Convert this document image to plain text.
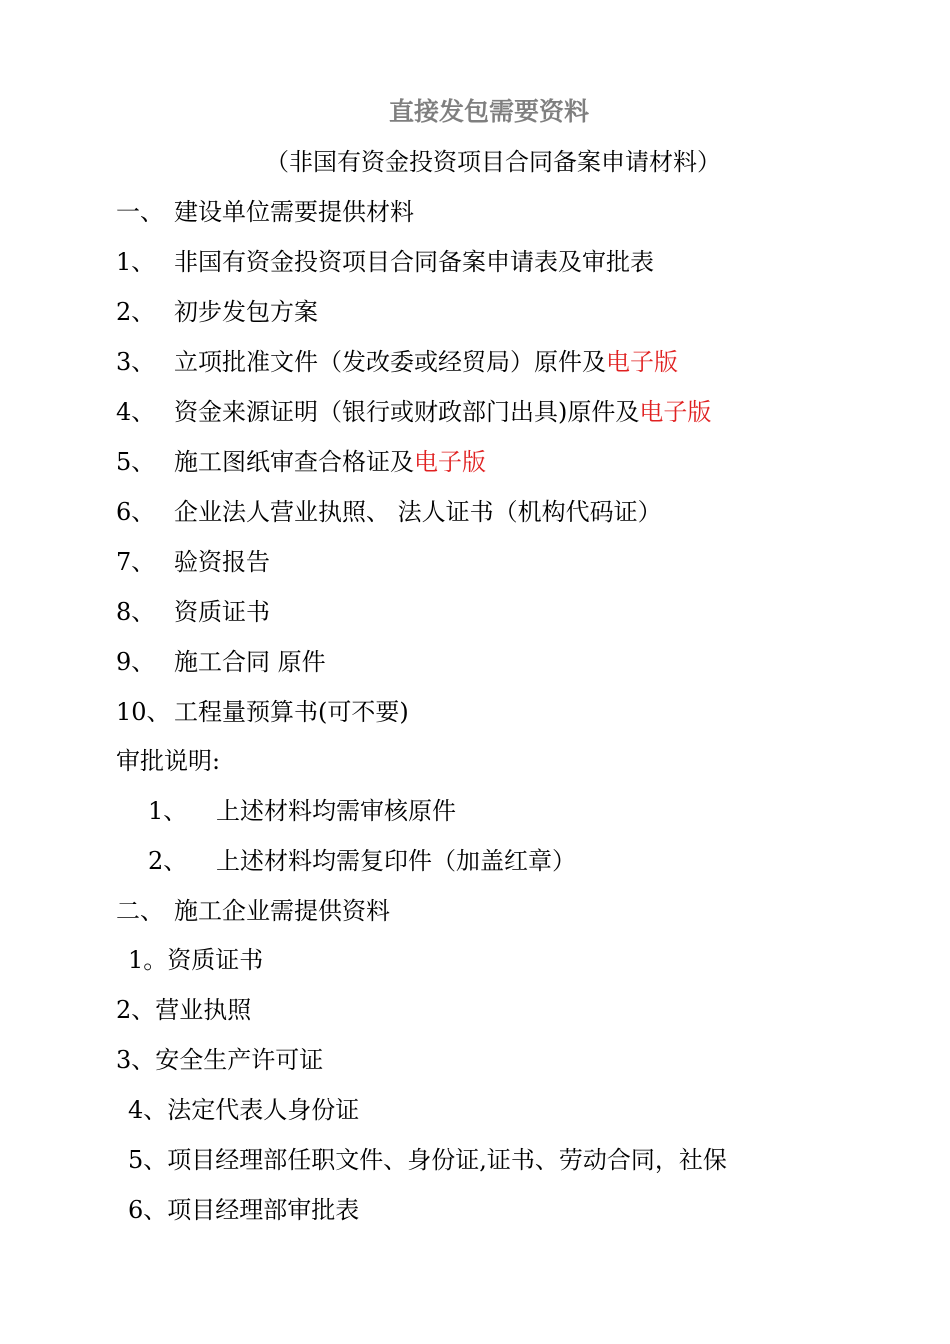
直接发包需要资料
（非国有资金投资项目合同备案申请材料）
一、 建设单位需要提供材料
1、 非国有资金投资项目合同备案申请表及审批表
2、 初步发包方案
3、 立项批准文件（发改委或经贸局）原件及电子版
4、 资金来源证明（银行或财政部门出具)原件及电子版
5、 施工图纸审查合格证及电子版
6、 企业法人营业执照、 法人证书（机构代码证）
7、 验资报告
8、 资质证书
9、 施工合同 原件
10、 工程量预算书(可不要)
审批说明:
1、 上述材料均需审核原件
2、 上述材料均需复印件（加盖红章）
二、 施工企业需提供资料
1。资质证书
2、营业执照
3、安全生产许可证
4、法定代表人身份证
5、项目经理部任职文件、身份证,证书、劳动合同，社保
6、项目经理部审批表
